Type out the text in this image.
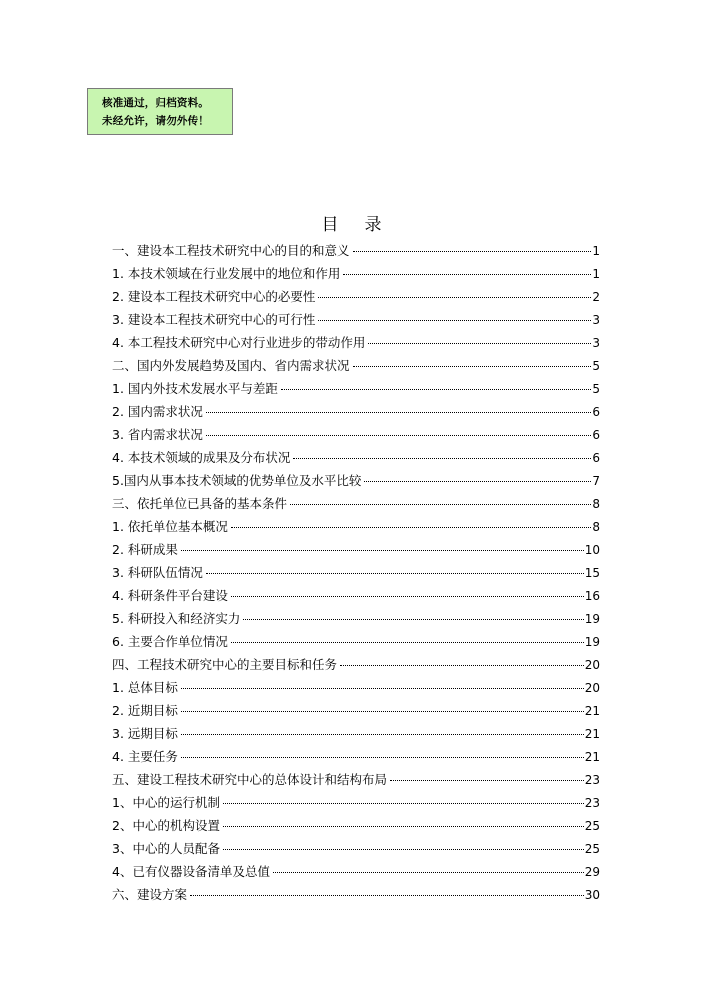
核准通过，归档资料。
未经允许，请勿外传！
目录
一、建设本工程技术研究中心的目的和意义	1
1. 本技术领域在行业发展中的地位和作用	1
2. 建设本工程技术研究中心的必要性	2
3. 建设本工程技术研究中心的可行性	3
4. 本工程技术研究中心对行业进步的带动作用	3
二、国内外发展趋势及国内、省内需求状况	5
1. 国内外技术发展水平与差距	5
2. 国内需求状况	6
3. 省内需求状况	6
4. 本技术领域的成果及分布状况	6
5.国内从事本技术领域的优势单位及水平比较	7
三、依托单位已具备的基本条件	8
1. 依托单位基本概况	8
2. 科研成果	10
3. 科研队伍情况	15
4. 科研条件平台建设	16
5. 科研投入和经济实力	19
6. 主要合作单位情况	19
四、工程技术研究中心的主要目标和任务	20
1. 总体目标	20
2. 近期目标	21
3. 远期目标	21
4. 主要任务	21
五、建设工程技术研究中心的总体设计和结构布局	23
1、中心的运行机制	23
2、中心的机构设置	25
3、中心的人员配备	25
4、已有仪器设备清单及总值	29
六、建设方案	30
